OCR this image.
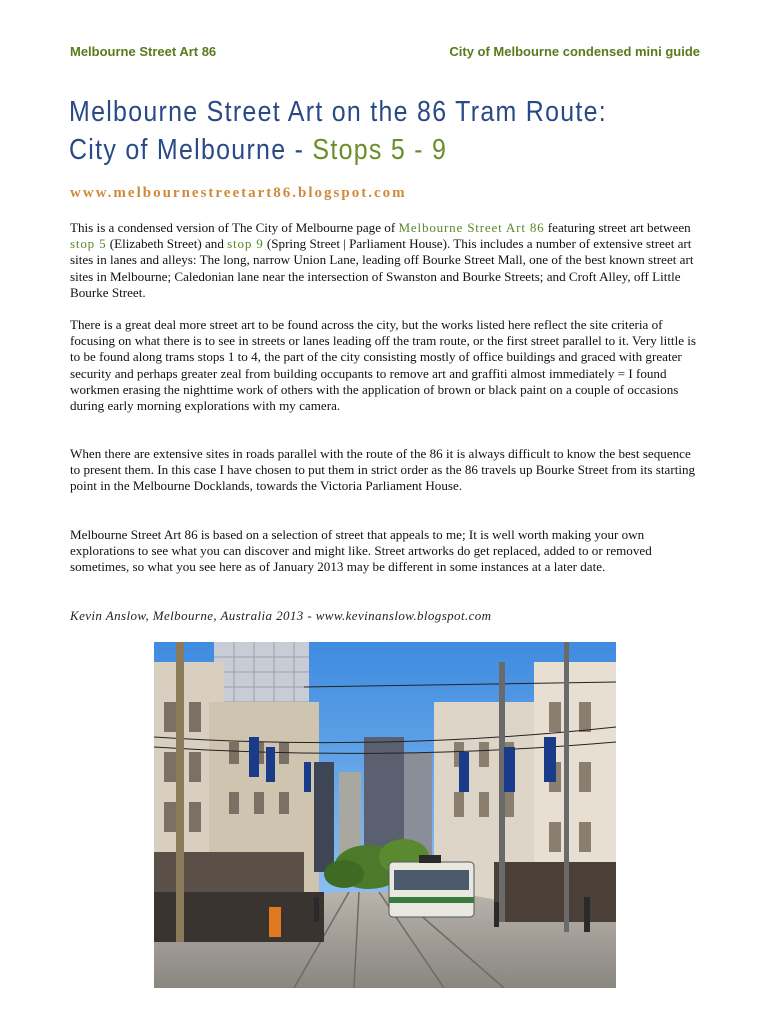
Melbourne Street Art 86	City of Melbourne condensed mini guide
Melbourne Street Art on the 86 Tram Route:
City of Melbourne - Stops 5 - 9
www.melbournestreetart86.blogspot.com

This is a condensed version of The City of Melbourne page of Melbourne Street Art 86 featuring street art between stop 5 (Elizabeth Street) and stop 9 (Spring Street | Parliament House). This includes a number of extensive street art sites in lanes and alleys: The long, narrow Union Lane, leading off Bourke Street Mall, one of the best known street art sites in Melbourne; Caledonian lane near the intersection of Swanston and Bourke Streets; and Croft Alley, off Little Bourke Street.

There is a great deal more street art to be found across the city, but the works listed here reflect the site criteria of focusing on what there is to see in streets or lanes leading off the tram route, or the first street parallel to it. Very little is to be found along trams stops 1 to 4, the part of the city consisting mostly of office buildings and graced with greater security and perhaps greater zeal from building occupants to remove art and graffiti almost immediately = I found workmen erasing the nighttime work of others with the application of brown or black paint on a couple of occasions during early morning explorations with my camera.

When there are extensive sites in roads parallel with the route of the 86 it is always difficult to know the best sequence to present them. In this case I have chosen to put them in strict order as the 86 travels up Bourke Street from its starting point in the Melbourne Docklands, towards the Victoria Parliament House.

Melbourne Street Art 86 is based on a selection of street that appeals to me; It is well worth making your own explorations to see what you can discover and might like. Street artworks do get replaced, added to or removed sometimes, so what you see here as of January 2013 may be different in some instances at a later date.

Kevin Anslow, Melbourne, Australia 2013 - www.kevinanslow.blogspot.com
